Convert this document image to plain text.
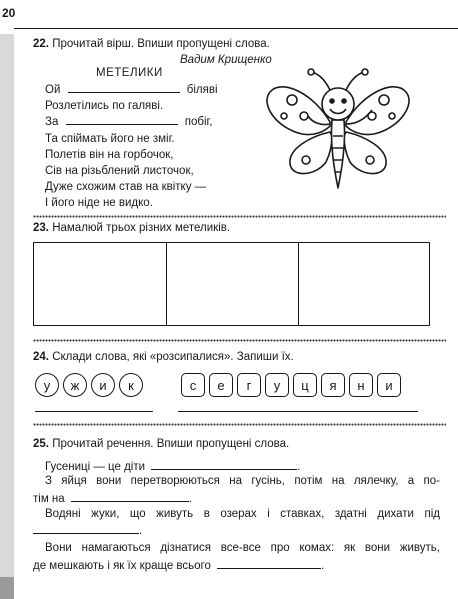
20
22. Прочитай вірш. Впиши пропущені слова.
Вадим Крищенко
МЕТЕЛИКИ
Ой	біляві
Розлетілись по галяві.
За	побіг,
Та спіймать його не зміг.
Полетів він на горбочок,
Сів на різьблений листочок,
Дуже схожим став на квітку —
І його ніде не видко.
23. Намалюй трьох різних метеликів.
24. Склади слова, які «розсипалися». Запиши їх.
у	ж	и	к	с	е	г	у	ц	я	н	и
25. Прочитай речення. Впиши пропущені слова.
Гусениці — це діти	.
З яйця вони перетворюються на гусінь, потім на лялечку, а по-
тім на	.
Водяні жуки, що живуть в озерах і ставках, здатні дихати під
.
Вони намагаються дізнатися все-все про комах: як вони живуть,
де мешкають і як їх краще всього	.
